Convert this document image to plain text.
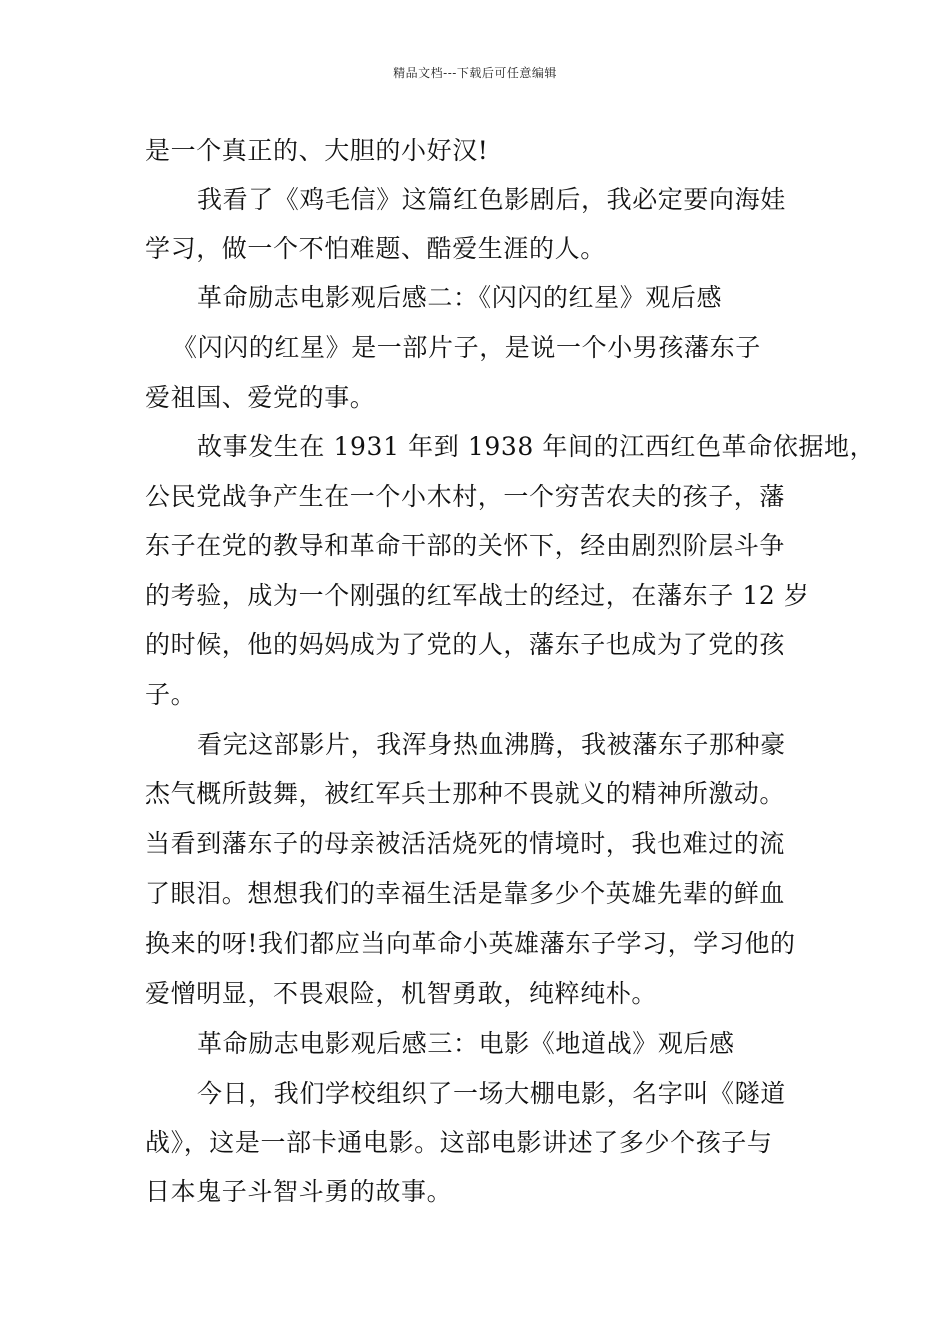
精品文档---下载后可任意编辑
是一个真正的、大胆的小好汉!
我看了《鸡毛信》这篇红色影剧后，我必定要向海娃
学习，做一个不怕难题、酷爱生涯的人。
革命励志电影观后感二：《闪闪的红星》观后感
《闪闪的红星》是一部片子，是说一个小男孩藩东子
爱祖国、爱党的事。
故事发生在 1931 年到 1938 年间的江西红色革命依据地，
公民党战争产生在一个小木村，一个穷苦农夫的孩子，藩
东子在党的教导和革命干部的关怀下，经由剧烈阶层斗争
的考验，成为一个刚强的红军战士的经过，在藩东子 12 岁
的时候，他的妈妈成为了党的人，藩东子也成为了党的孩
子。
看完这部影片，我浑身热血沸腾，我被藩东子那种豪
杰气概所鼓舞，被红军兵士那种不畏就义的精神所激动。
当看到藩东子的母亲被活活烧死的情境时，我也难过的流
了眼泪。想想我们的幸福生活是靠多少个英雄先辈的鲜血
换来的呀!我们都应当向革命小英雄藩东子学习，学习他的
爱憎明显，不畏艰险，机智勇敢，纯粹纯朴。
革命励志电影观后感三：电影《地道战》观后感
今日，我们学校组织了一场大棚电影，名字叫《隧道
战》，这是一部卡通电影。这部电影讲述了多少个孩子与
日本鬼子斗智斗勇的故事。
